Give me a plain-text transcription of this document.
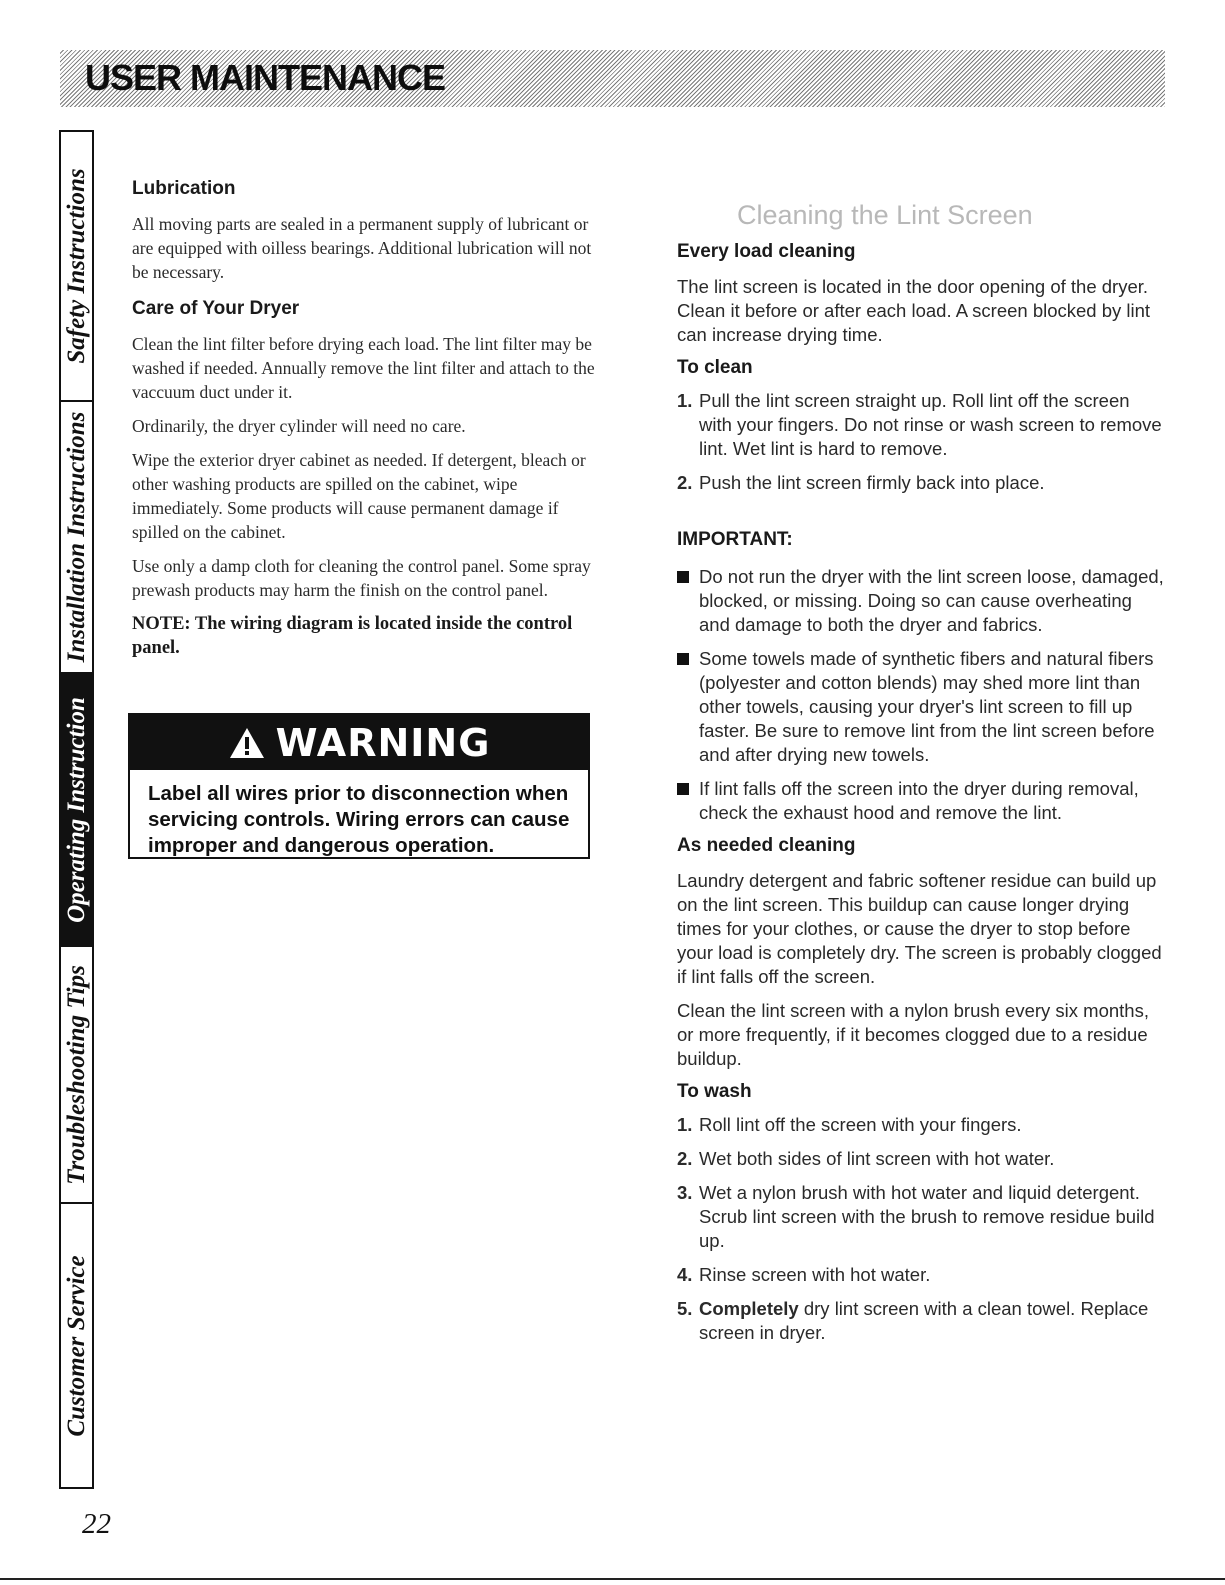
USER MAINTENANCE
Safety Instructions
Installation Instructions
Operating Instruction
Troubleshooting Tips
Customer Service
Lubrication

All moving parts are sealed in a permanent supply of lubricant or are equipped with oilless bearings. Additional lubrication will not be necessary.

Care of Your Dryer

Clean the lint filter before drying each load. The lint filter may be washed if needed. Annually remove the lint filter and attach to the vaccuum duct under it.

Ordinarily, the dryer cylinder will need no care.

Wipe the exterior dryer cabinet as needed. If detergent, bleach or other washing products are spilled on the cabinet, wipe immediately. Some products will cause permanent damage if spilled on the cabinet.

Use only a damp cloth for cleaning the control panel. Some spray prewash products may harm the finish on the control panel.

NOTE: The wiring diagram is located inside the control panel.

WARNING

Label all wires prior to disconnection when servicing controls. Wiring errors can cause improper and dangerous operation.

Cleaning the Lint Screen
Every load cleaning

The lint screen is located in the door opening of the dryer. Clean it before or after each load. A screen blocked by lint can increase drying time.

To clean
1. Pull the lint screen straight up. Roll lint off the screen with your fingers. Do not rinse or wash screen to remove lint. Wet lint is hard to remove.
2. Push the lint screen firmly back into place.
IMPORTANT:
Do not run the dryer with the lint screen loose, damaged, blocked, or missing. Doing so can cause overheating and damage to both the dryer and fabrics.
Some towels made of synthetic fibers and natural fibers (polyester and cotton blends) may shed more lint than other towels, causing your dryer's lint screen to fill up faster. Be sure to remove lint from the lint screen before and after drying new towels.
If lint falls off the screen into the dryer during removal, check the exhaust hood and remove the lint.
As needed cleaning

Laundry detergent and fabric softener residue can build up on the lint screen. This buildup can cause longer drying times for your clothes, or cause the dryer to stop before your load is completely dry. The screen is probably clogged if lint falls off the screen.

Clean the lint screen with a nylon brush every six months, or more frequently, if it becomes clogged due to a residue buildup.

To wash
1. Roll lint off the screen with your fingers.
2. Wet both sides of lint screen with hot water.
3. Wet a nylon brush with hot water and liquid detergent. Scrub lint screen with the brush to remove residue build up.
4. Rinse screen with hot water.
5. Completely dry lint screen with a clean towel. Replace screen in dryer.
22
